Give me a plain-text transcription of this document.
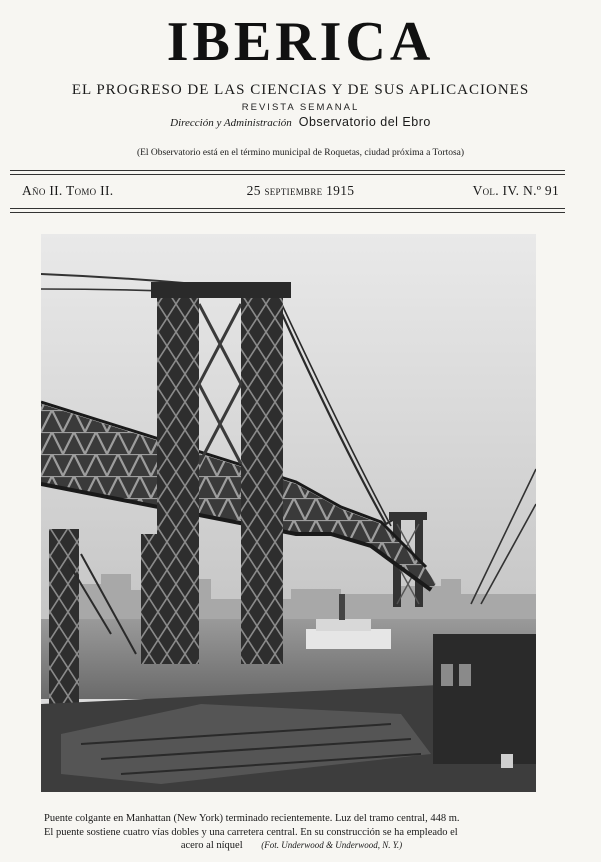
IBERICA
EL PROGRESO DE LAS CIENCIAS Y DE SUS APLICACIONES
REVISTA SEMANAL
Dirección y Administración Observatorio del Ebro
(El Observatorio está en el término municipal de Roquetas, ciudad próxima a Tortosa)
Año II. Tomo II.	25 septiembre 1915	Vol. IV. N.º 91
Puente colgante en Manhattan (New York) terminado recientemente. Luz del tramo central, 448 m.
El puente sostiene cuatro vías dobles y una carretera central. En su construcción se ha empleado el
acero al níquel (Fot. Underwood & Underwood, N. Y.)
